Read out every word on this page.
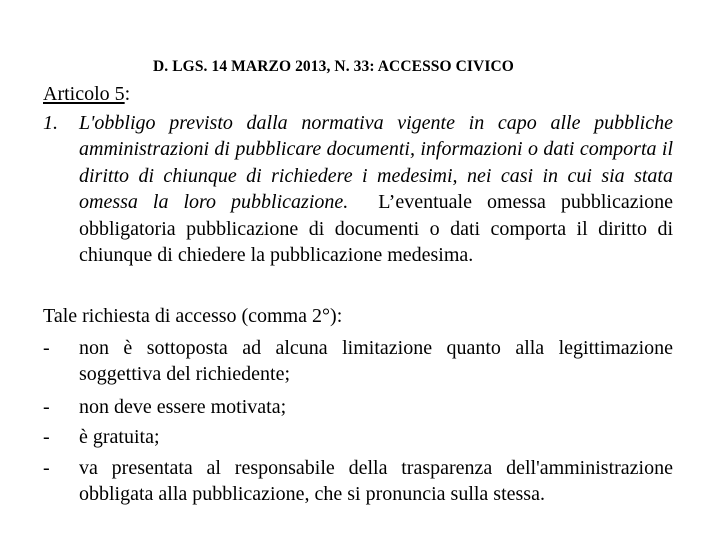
D. LGS. 14 MARZO 2013, N. 33: ACCESSO CIVICO
Articolo 5:
1. L'obbligo previsto dalla normativa vigente in capo alle pubbliche amministrazioni di pubblicare documenti, informazioni o dati comporta il diritto di chiunque di richiedere i medesimi, nei casi in cui sia stata omessa la loro pubblicazione. L’eventuale omessa pubblicazione obbligatoria pubblicazione di documenti o dati comporta il diritto di chiunque di chiedere la pubblicazione medesima.
Tale richiesta di accesso (comma 2°):
- non è sottoposta ad alcuna limitazione quanto alla legittimazione soggettiva del richiedente;
- non deve essere motivata;
- è gratuita;
- va presentata al responsabile della trasparenza dell'amministrazione obbligata alla pubblicazione, che si pronuncia sulla stessa.
